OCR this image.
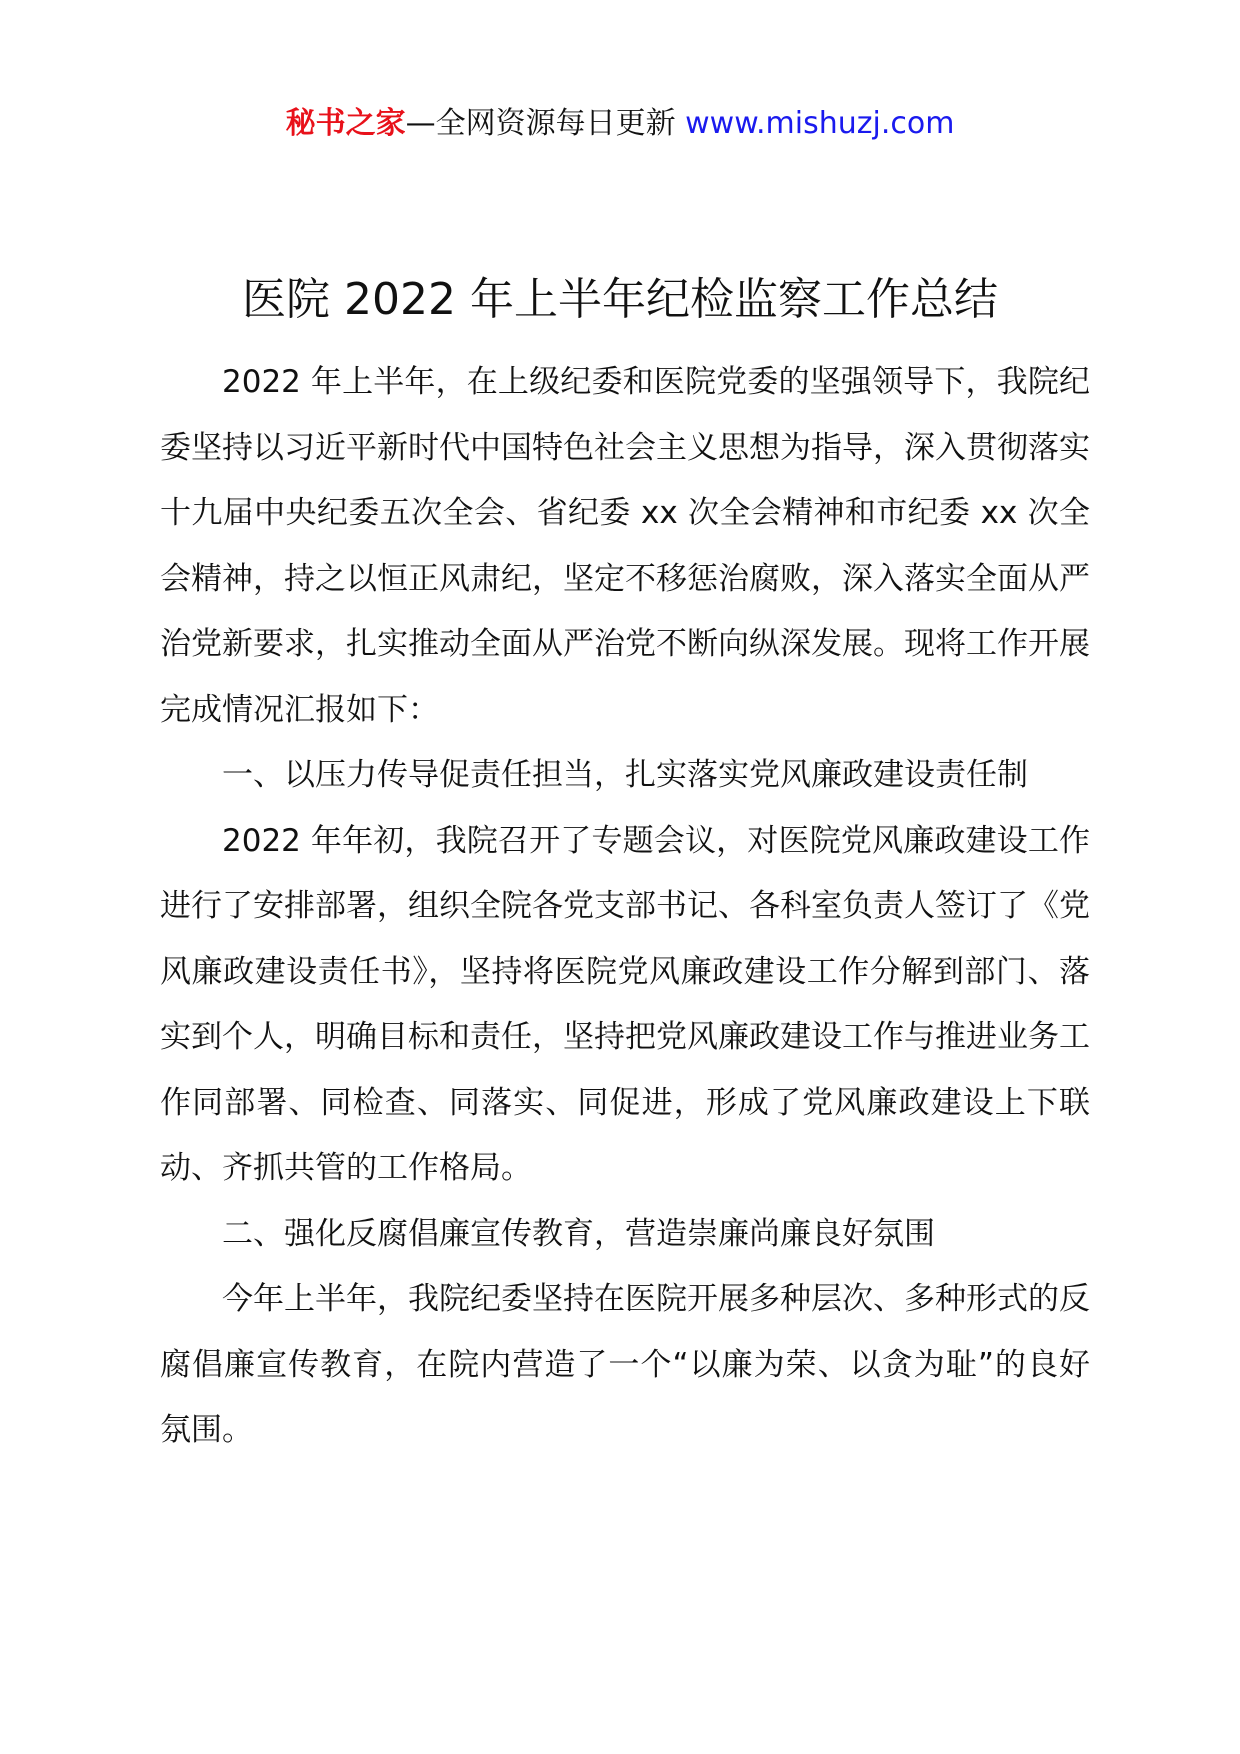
秘书之家—全网资源每日更新 www.mishuzj.com
医院 2022 年上半年纪检监察工作总结

2022 年上半年，在上级纪委和医院党委的坚强领导下，我院纪委坚持以习近平新时代中国特色社会主义思想为指导，深入贯彻落实十九届中央纪委五次全会、省纪委 xx 次全会精神和市纪委 xx 次全会精神，持之以恒正风肃纪，坚定不移惩治腐败，深入落实全面从严治党新要求，扎实推动全面从严治党不断向纵深发展。现将工作开展完成情况汇报如下：

一、以压力传导促责任担当，扎实落实党风廉政建设责任制

2022 年年初，我院召开了专题会议，对医院党风廉政建设工作进行了安排部署，组织全院各党支部书记、各科室负责人签订了《党风廉政建设责任书》，坚持将医院党风廉政建设工作分解到部门、落实到个人，明确目标和责任，坚持把党风廉政建设工作与推进业务工作同部署、同检查、同落实、同促进，形成了党风廉政建设上下联动、齐抓共管的工作格局。

二、强化反腐倡廉宣传教育，营造崇廉尚廉良好氛围

今年上半年，我院纪委坚持在医院开展多种层次、多种形式的反腐倡廉宣传教育，在院内营造了一个“以廉为荣、以贪为耻”的良好氛围。
